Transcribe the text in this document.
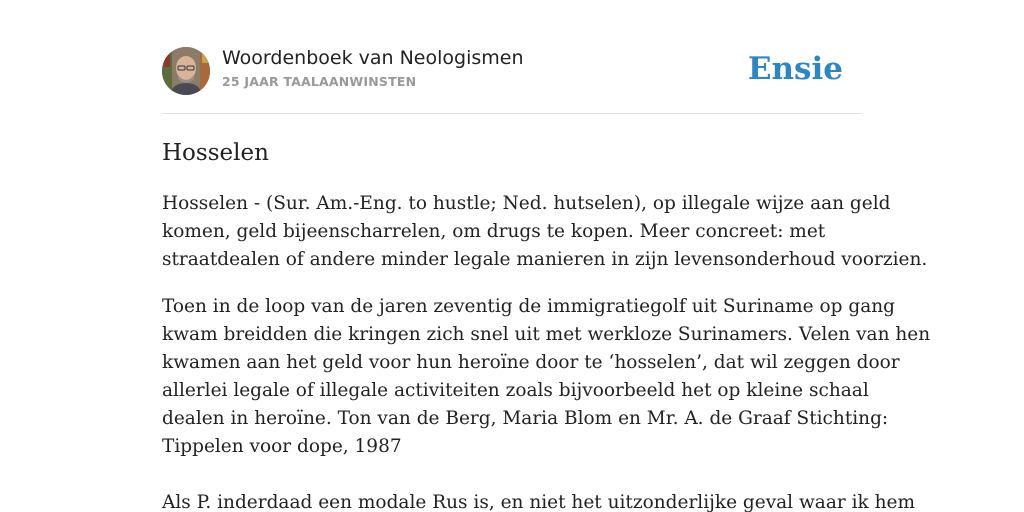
Woordenboek van Neologismen
25 JAAR TAALAANWINSTEN	Ensie
Hosselen

Hosselen - (Sur. Am.-Eng. to hustle; Ned. hutselen), op illegale wijze aan geld
komen, geld bijeenscharrelen, om drugs te kopen. Meer concreet: met
straatdealen of andere minder legale manieren in zijn levensonderhoud voorzien.

Toen in de loop van de jaren zeventig de immigratiegolf uit Suriname op gang
kwam breidden die kringen zich snel uit met werkloze Surinamers. Velen van hen
kwamen aan het geld voor hun heroïne door te ‘hosselen’, dat wil zeggen door
allerlei legale of illegale activiteiten zoals bijvoorbeeld het op kleine schaal
dealen in heroïne. Ton van de Berg, Maria Blom en Mr. A. de Graaf Stichting:
Tippelen voor dope, 1987

Als P. inderdaad een modale Rus is, en niet het uitzonderlijke geval waar ik hem
